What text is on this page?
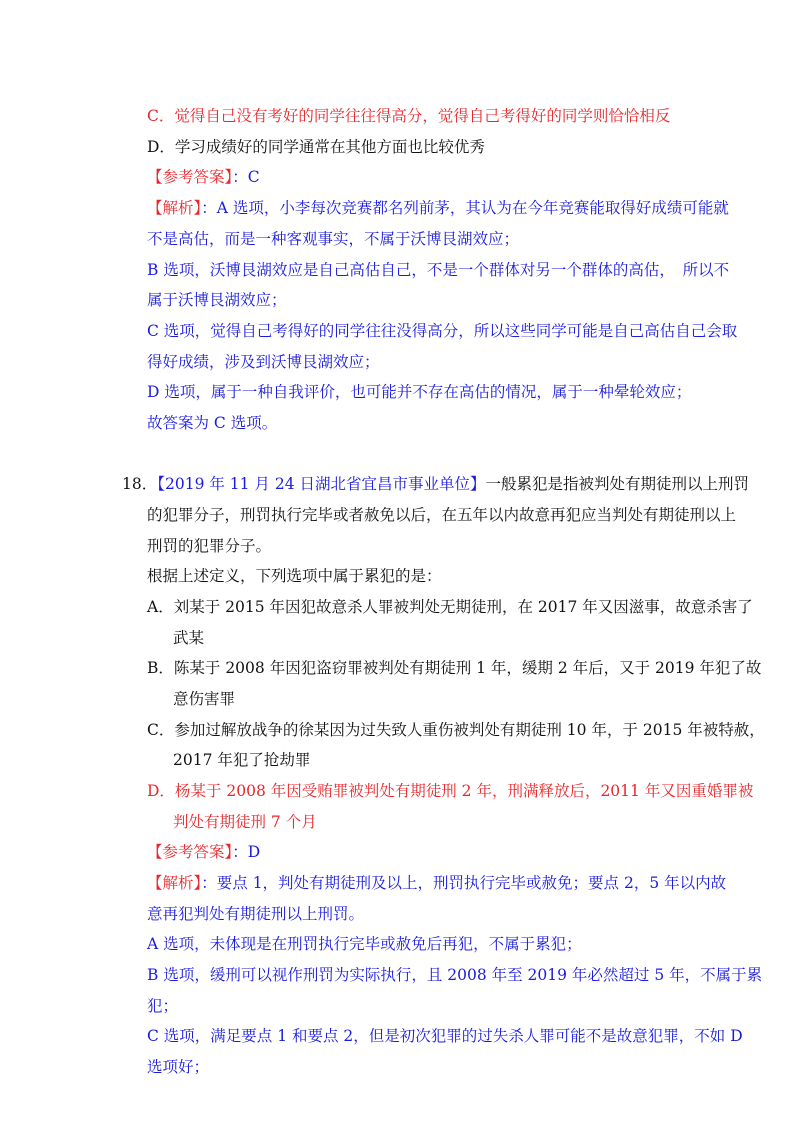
C．觉得自己没有考好的同学往往得高分，觉得自己考得好的同学则恰恰相反
D．学习成绩好的同学通常在其他方面也比较优秀
【参考答案】：C
【解析】：A 选项，小李每次竞赛都名列前茅，其认为在今年竞赛能取得好成绩可能就
不是高估，而是一种客观事实，不属于沃博艮湖效应；
B 选项，沃博艮湖效应是自己高估自己，不是一个群体对另一个群体的高估，　所以不
属于沃博艮湖效应；
C 选项，觉得自己考得好的同学往往没得高分，所以这些同学可能是自己高估自己会取
得好成绩，涉及到沃博艮湖效应；
D 选项，属于一种自我评价，也可能并不存在高估的情况，属于一种晕轮效应；
故答案为 C 选项。
18．【2019 年 11 月 24 日湖北省宜昌市事业单位】一般累犯是指被判处有期徒刑以上刑罚
的犯罪分子，刑罚执行完毕或者赦免以后，在五年以内故意再犯应当判处有期徒刑以上
刑罚的犯罪分子。
根据上述定义，下列选项中属于累犯的是：
A．刘某于 2015 年因犯故意杀人罪被判处无期徒刑，在 2017 年又因滋事，故意杀害了
武某
B．陈某于 2008 年因犯盗窃罪被判处有期徒刑 1 年，缓期 2 年后，又于 2019 年犯了故
意伤害罪
C．参加过解放战争的徐某因为过失致人重伤被判处有期徒刑 10 年，于 2015 年被特赦，
2017 年犯了抢劫罪
D．杨某于 2008 年因受贿罪被判处有期徒刑 2 年，刑满释放后，2011 年又因重婚罪被
判处有期徒刑 7 个月
【参考答案】：D
【解析】：要点 1，判处有期徒刑及以上，刑罚执行完毕或赦免；要点 2，5 年以内故
意再犯判处有期徒刑以上刑罚。
A 选项，未体现是在刑罚执行完毕或赦免后再犯，不属于累犯；
B 选项，缓刑可以视作刑罚为实际执行，且 2008 年至 2019 年必然超过 5 年，不属于累
犯；
C 选项，满足要点 1 和要点 2，但是初次犯罪的过失杀人罪可能不是故意犯罪，不如 D
选项好；
